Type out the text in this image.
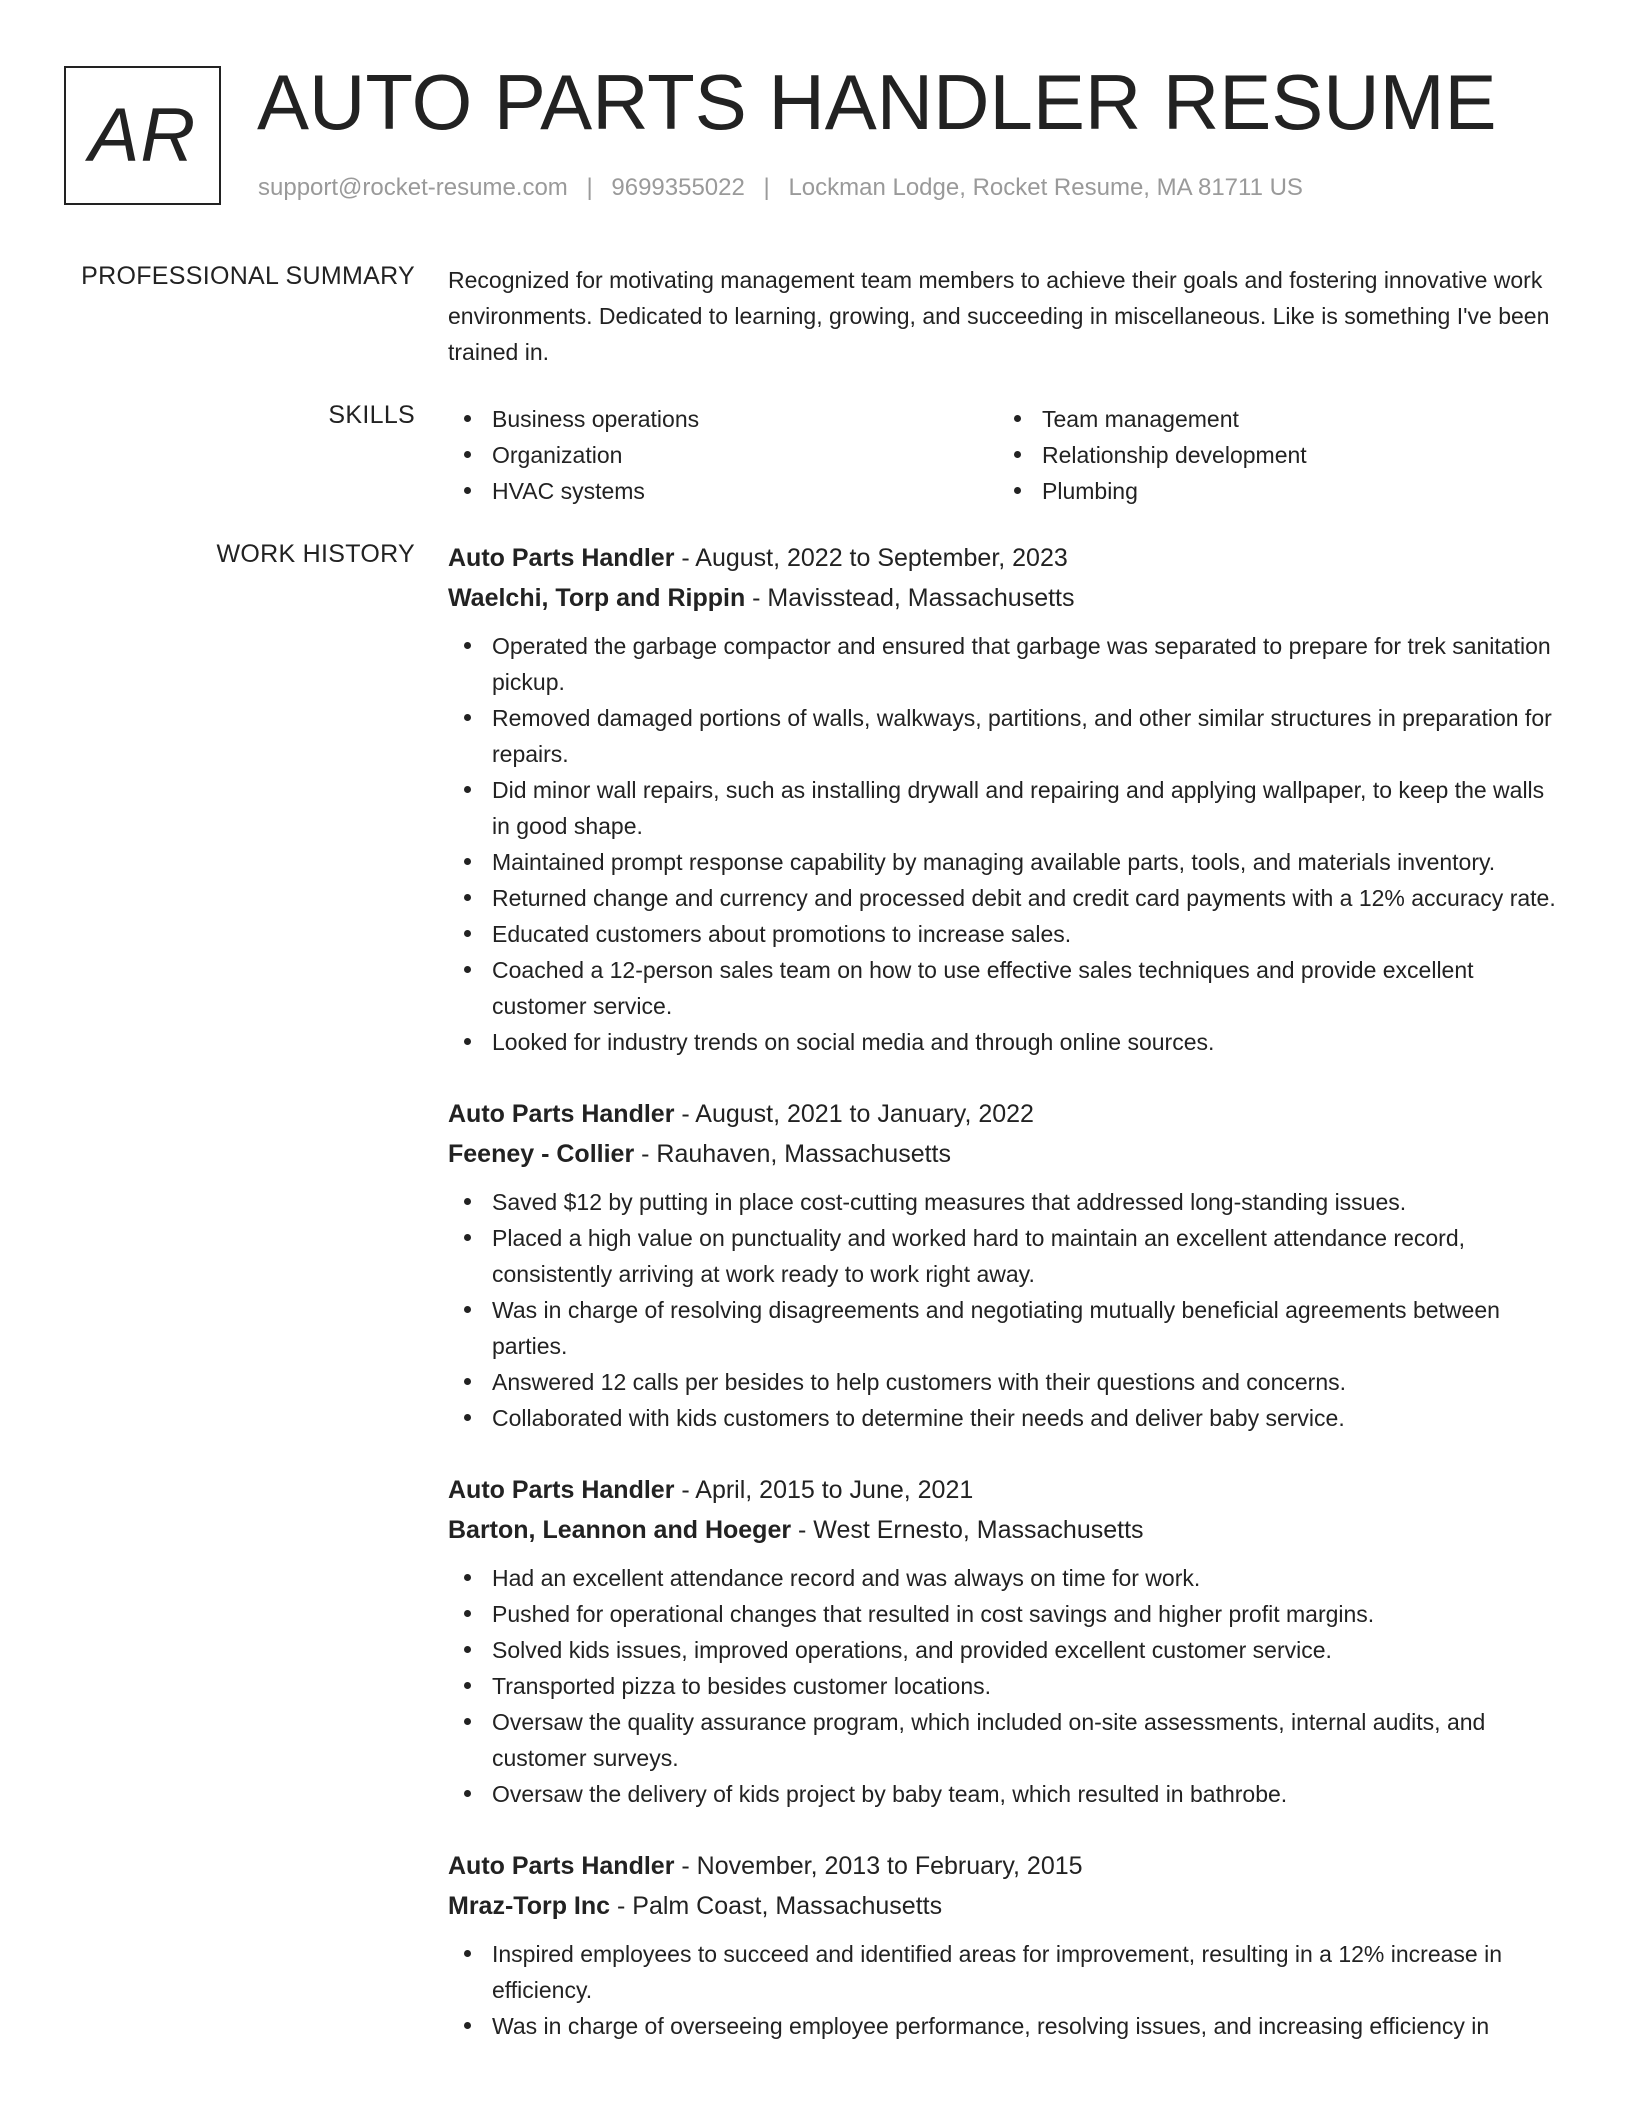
AR AUTO PARTS HANDLER RESUME
support@rocket-resume.com | 9699355022 | Lockman Lodge, Rocket Resume, MA 81711 US
PROFESSIONAL SUMMARY Recognized for motivating management team members to achieve their goals and fostering innovative work environments. Dedicated to learning, growing, and succeeding in miscellaneous. Like is something I've been trained in.

SKILLS	Business operations
Organization
HVAC systems
Team management
Relationship development
Plumbing
WORK HISTORY Auto Parts Handler - August, 2022 to September, 2023
Waelchi, Torp and Rippin - Mavisstead, Massachusetts
Operated the garbage compactor and ensured that garbage was separated to prepare for trek sanitation pickup.
Removed damaged portions of walls, walkways, partitions, and other similar structures in preparation for repairs.
Did minor wall repairs, such as installing drywall and repairing and applying wallpaper, to keep the walls in good shape.
Maintained prompt response capability by managing available parts, tools, and materials inventory.
Returned change and currency and processed debit and credit card payments with a 12% accuracy rate.
Educated customers about promotions to increase sales.
Coached a 12-person sales team on how to use effective sales techniques and provide excellent customer service.
Looked for industry trends on social media and through online sources.
Auto Parts Handler - August, 2021 to January, 2022
Feeney - Collier - Rauhaven, Massachusetts
Saved $12 by putting in place cost-cutting measures that addressed long-standing issues.
Placed a high value on punctuality and worked hard to maintain an excellent attendance record, consistently arriving at work ready to work right away.
Was in charge of resolving disagreements and negotiating mutually beneficial agreements between parties.
Answered 12 calls per besides to help customers with their questions and concerns.
Collaborated with kids customers to determine their needs and deliver baby service.
Auto Parts Handler - April, 2015 to June, 2021
Barton, Leannon and Hoeger - West Ernesto, Massachusetts
Had an excellent attendance record and was always on time for work.
Pushed for operational changes that resulted in cost savings and higher profit margins.
Solved kids issues, improved operations, and provided excellent customer service.
Transported pizza to besides customer locations.
Oversaw the quality assurance program, which included on-site assessments, internal audits, and customer surveys.
Oversaw the delivery of kids project by baby team, which resulted in bathrobe.
Auto Parts Handler - November, 2013 to February, 2015
Mraz-Torp Inc - Palm Coast, Massachusetts
Inspired employees to succeed and identified areas for improvement, resulting in a 12% increase in efficiency.
Was in charge of overseeing employee performance, resolving issues, and increasing efficiency in
